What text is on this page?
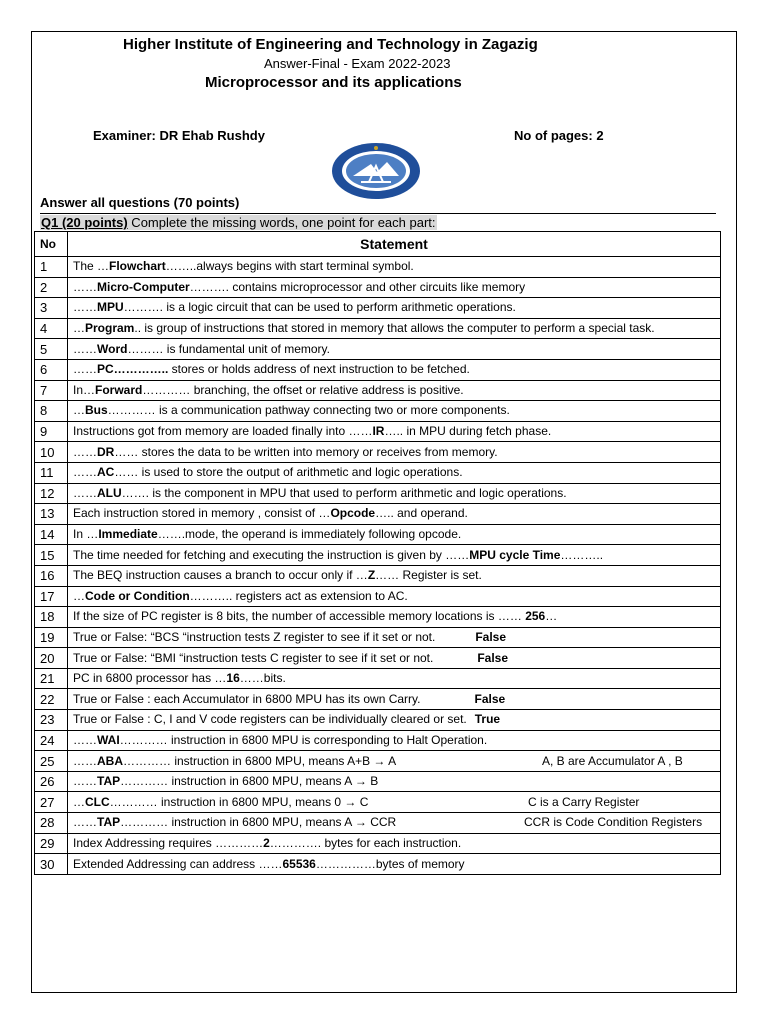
Higher Institute of Engineering and Technology in Zagazig
Answer-Final - Exam 2022-2023
Microprocessor and its applications
Examiner: DR Ehab Rushdy	No of pages: 2
Answer all questions (70 points)
Q1 (20 points) Complete the missing words, one point for each part:
No	Statement
1	The …Flowchart……..always begins with start terminal symbol.
2	……Micro-Computer………. contains microprocessor and other circuits like memory
3	……MPU………. is a logic circuit that can be used to perform arithmetic operations.
4	…Program.. is group of instructions that stored in memory that allows the computer to perform a special task.
5	……Word……… is fundamental unit of memory.
6	……PC………….. stores or holds address of next instruction to be fetched.
7	In…Forward………… branching, the offset or relative address is positive.
8	…Bus………… is a communication pathway connecting two or more components.
9	Instructions got from memory are loaded finally into ……IR….. in MPU during fetch phase.
10	……DR…… stores the data to be written into memory or receives from memory.
11	……AC…… is used to store the output of arithmetic and logic operations.
12	……ALU……. is the component in MPU that used to perform arithmetic and logic operations.
13	Each instruction stored in memory , consist of …Opcode….. and operand.
14	In …Immediate…….mode, the operand is immediately following opcode.
15	The time needed for fetching and executing the instruction is given by ……MPU cycle Time………..
16	The BEQ instruction causes a branch to occur only if …Z…… Register is set.
17	…Code or Condition……….. registers act as extension to AC.
18	If the size of PC register is 8 bits, the number of accessible memory locations is …… 256…
19	True or False: “BCS “instruction tests Z register to see if it set or not. False
20	True or False: “BMI “instruction tests C register to see if it set or not. False
21	PC in 6800 processor has …16……bits.
22	True or False : each Accumulator in 6800 MPU has its own Carry. False
23	True or False : C, I and V code registers can be individually cleared or set. True
24	……WAI………… instruction in 6800 MPU is corresponding to Halt Operation.
25	……ABA………… instruction in 6800 MPU, means A+B → A A, B are Accumulator A , B

26	……TAP………… instruction in 6800 MPU, means A → B
27	…CLC………… instruction in 6800 MPU, means 0 → C C is a Carry Register

28	……TAP………… instruction in 6800 MPU, means A → CCR CCR is Code Condition Registers

29	Index Addressing requires …………2…………. bytes for each instruction.
30	Extended Addressing can address ……65536……………bytes of memory
